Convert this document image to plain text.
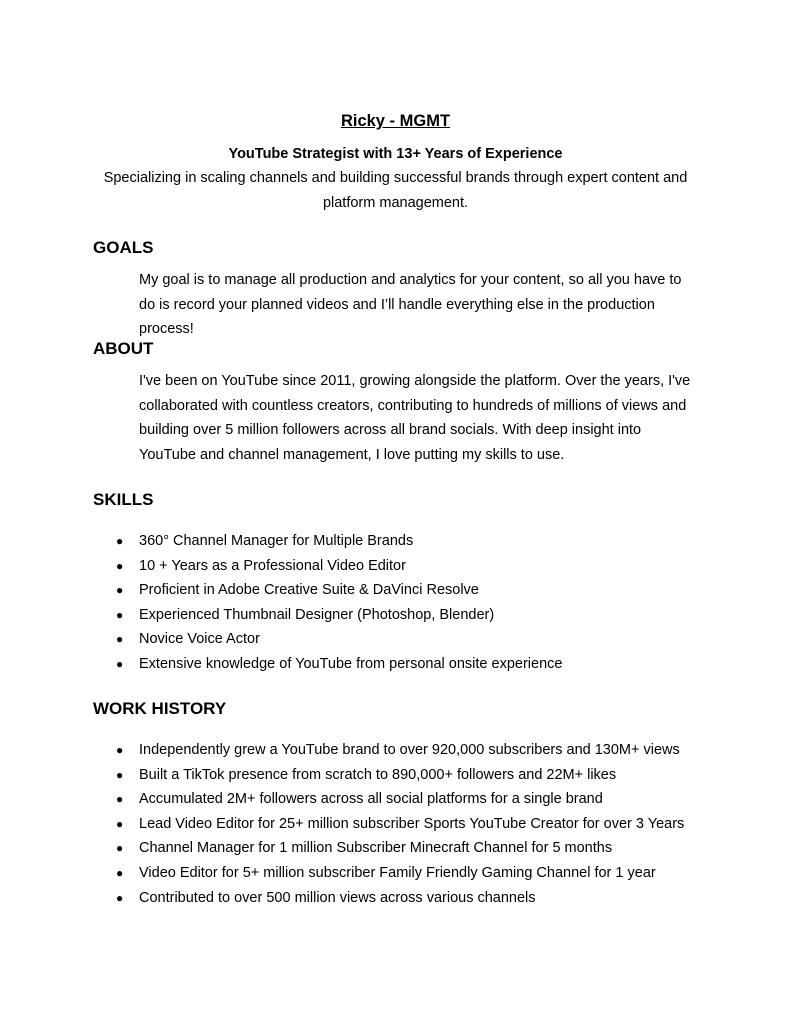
Ricky - MGMT
YouTube Strategist with 13+ Years of Experience
Specializing in scaling channels and building successful brands through expert content and platform management.
GOALS
My goal is to manage all production and analytics for your content, so all you have to do is record your planned videos and I’ll handle everything else in the production process!
ABOUT
I've been on YouTube since 2011, growing alongside the platform. Over the years, I've collaborated with countless creators, contributing to hundreds of millions of views and building over 5 million followers across all brand socials. With deep insight into YouTube and channel management, I love putting my skills to use.
SKILLS
● 360° Channel Manager for Multiple Brands
● 10 + Years as a Professional Video Editor
● Proficient in Adobe Creative Suite & DaVinci Resolve
● Experienced Thumbnail Designer (Photoshop, Blender)
● Novice Voice Actor
● Extensive knowledge of YouTube from personal onsite experience
WORK HISTORY
● Independently grew a YouTube brand to over 920,000 subscribers and 130M+ views
● Built a TikTok presence from scratch to 890,000+ followers and 22M+ likes
● Accumulated 2M+ followers across all social platforms for a single brand
● Lead Video Editor for 25+ million subscriber Sports YouTube Creator for over 3 Years
● Channel Manager for 1 million Subscriber Minecraft Channel for 5 months
● Video Editor for 5+ million subscriber Family Friendly Gaming Channel for 1 year
● Contributed to over 500 million views across various channels
